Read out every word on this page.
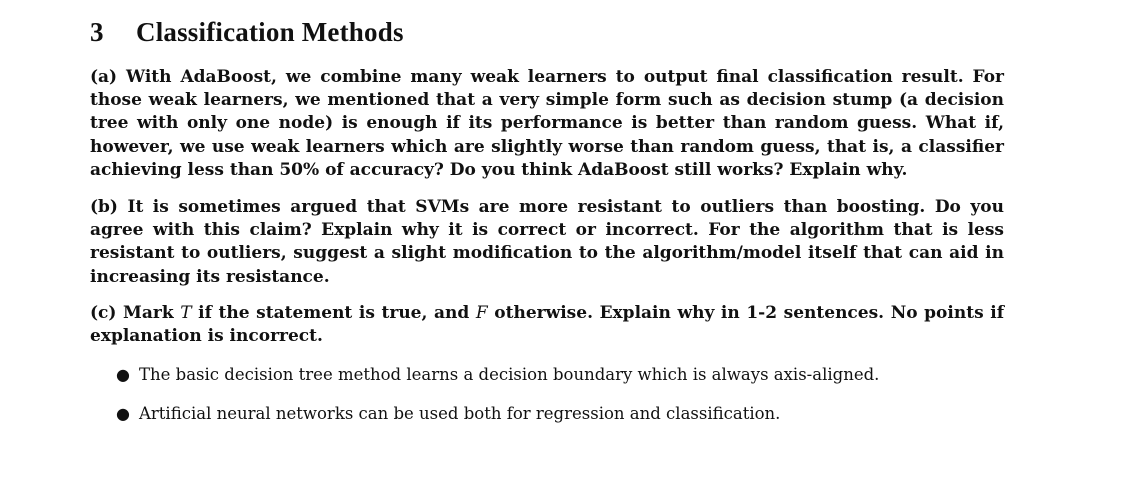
3 Classification Methods

(a) With AdaBoost, we combine many weak learners to output final classification result. For those weak learners, we mentioned that a very simple form such as decision stump (a decision tree with only one node) is enough if its performance is better than random guess. What if, however, we use weak learners which are slightly worse than random guess, that is, a classifier achieving less than 50% of accuracy? Do you think AdaBoost still works? Explain why.

(b) It is sometimes argued that SVMs are more resistant to outliers than boosting. Do you agree with this claim? Explain why it is correct or incorrect. For the algorithm that is less resistant to outliers, suggest a slight modification to the algorithm/model itself that can aid in increasing its resistance.

(c) Mark T if the statement is true, and F otherwise. Explain why in 1-2 sentences. No points if explanation is incorrect.

● The basic decision tree method learns a decision boundary which is always axis-aligned.
● Artificial neural networks can be used both for regression and classification.
